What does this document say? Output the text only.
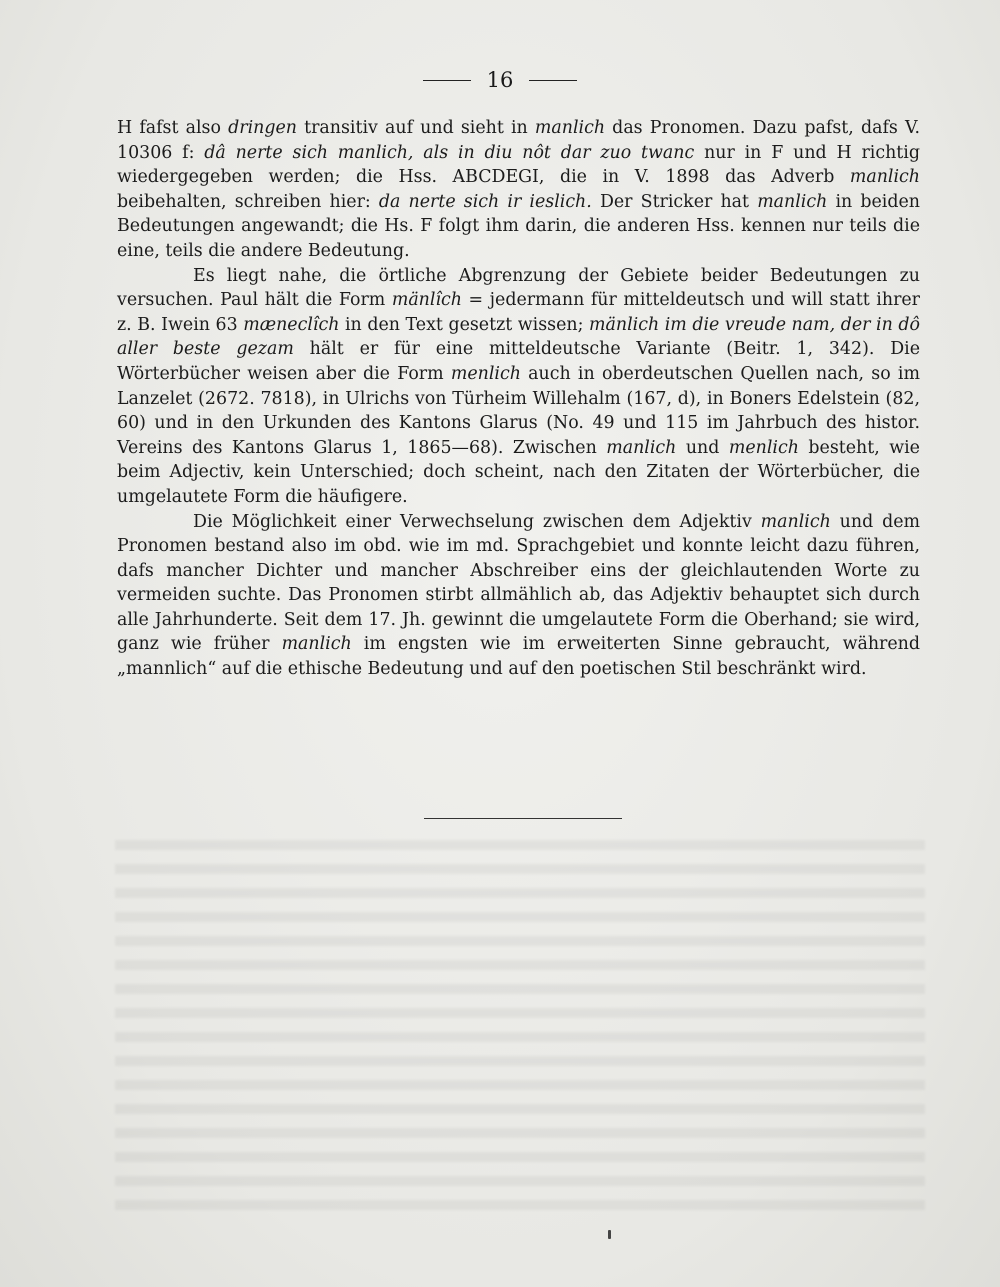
16

H fafst also dringen transitiv auf und sieht in manlich das Pronomen. Dazu pafst, dafs V. 10306 f: dâ nerte sich manlich, als in diu nôt dar zuo twanc nur in F und H richtig wiedergegeben werden; die Hss. ABCDEGI, die in V. 1898 das Adverb manlich beibehalten, schreiben hier: da nerte sich ir ieslich. Der Stricker hat manlich in beiden Bedeutungen angewandt; die Hs. F folgt ihm darin, die anderen Hss. kennen nur teils die eine, teils die andere Bedeutung.

Es liegt nahe, die örtliche Abgrenzung der Gebiete beider Bedeutungen zu versuchen. Paul hält die Form mänlîch = jedermann für mitteldeutsch und will statt ihrer z. B. Iwein 63 mæneclîch in den Text gesetzt wissen; mänlich im die vreude nam, der in dô aller beste gezam hält er für eine mitteldeutsche Variante (Beitr. 1, 342). Die Wörterbücher weisen aber die Form menlich auch in oberdeutschen Quellen nach, so im Lanzelet (2672. 7818), in Ulrichs von Türheim Willehalm (167, d), in Boners Edelstein (82, 60) und in den Urkunden des Kantons Glarus (No. 49 und 115 im Jahrbuch des histor. Vereins des Kantons Glarus 1, 1865—68). Zwischen manlich und menlich besteht, wie beim Adjectiv, kein Unterschied; doch scheint, nach den Zitaten der Wörterbücher, die umgelautete Form die häufigere.

Die Möglichkeit einer Verwechselung zwischen dem Adjektiv manlich und dem Pronomen bestand also im obd. wie im md. Sprachgebiet und konnte leicht dazu führen, dafs mancher Dichter und mancher Abschreiber eins der gleichlautenden Worte zu vermeiden suchte. Das Pronomen stirbt allmählich ab, das Adjektiv behauptet sich durch alle Jahrhunderte. Seit dem 17. Jh. gewinnt die umgelautete Form die Oberhand; sie wird, ganz wie früher manlich im engsten wie im erweiterten Sinne gebraucht, während „mannlich“ auf die ethische Bedeutung und auf den poetischen Stil beschränkt wird.
